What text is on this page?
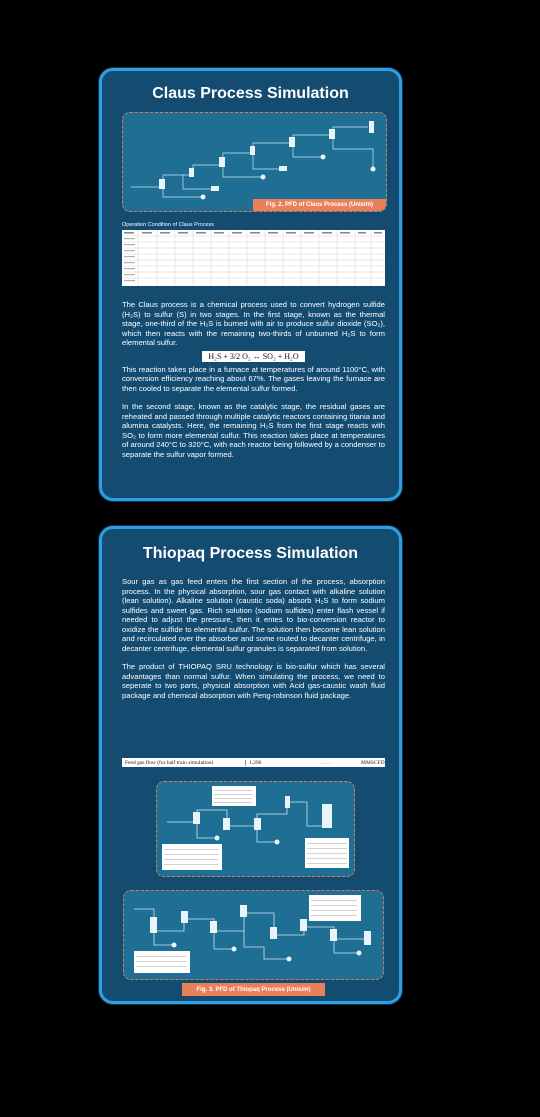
Claus Process Simulation
Fig. 2. PFD of Claus Process (Unisim)
Operation Condition of Claus Process

The Claus process is a chemical process used to convert hydrogen sulfide (H₂S) to sulfur (S) in two stages. In the first stage, known as the thermal stage, one-third of the H₂S is burned with air to produce sulfur dioxide (SO₂), which then reacts with the remaining two-thirds of unburned H₂S to form elemental sulfur.

H₂S + 3/2 O₂ ↔ SO₂ + H₂O

This reaction takes place in a furnace at temperatures of around 1100°C, with conversion efficiency reaching about 67%. The gases leaving the furnace are then cooled to separate the elemental sulfur formed.

In the second stage, known as the catalytic stage, the residual gases are reheated and passed through multiple catalytic reactors containing titania and alumina catalysts. Here, the remaining H₂S from the first stage reacts with SO₂ to form more elemental sulfur. This reaction takes place at temperatures of around 240°C to 320°C, with each reactor being followed by a condenser to separate the sulfur vapor formed.

Thiopaq Process Simulation

Sour gas as gas feed enters the first section of the process, absorption process. In the physical absorption, sour gas contact with alkaline solution (lean solution). Alkaline solution (caustic soda) absorb H₂S to form sodium sulfides and sweet gas. Rich solution (sodium sulfides) enter flash vessel if needed to adjust the pressure, then it entes to bio-conversion reactor to oxidize the sulfide to elemental sulfur. The solution then become lean solution and recirculated over the absorber and some routed to decanter centrifuge, in decanter centrifuge, elemental sulfur granules is separated from solution.

The product of THIOPAQ SRU technology is bio-sulfur which has several advantages than normal sulfur. When simulating the process, we need to seperate to two parts, physical absorption with Acid gas-caustic wash fluid package and chemical absorption with Peng-robinson fluid package.

Feed gas flow (for half train simulation)	1.296	———	MMSCFD
Fig. 3. PFD of Thiopaq Process (Unisim)
